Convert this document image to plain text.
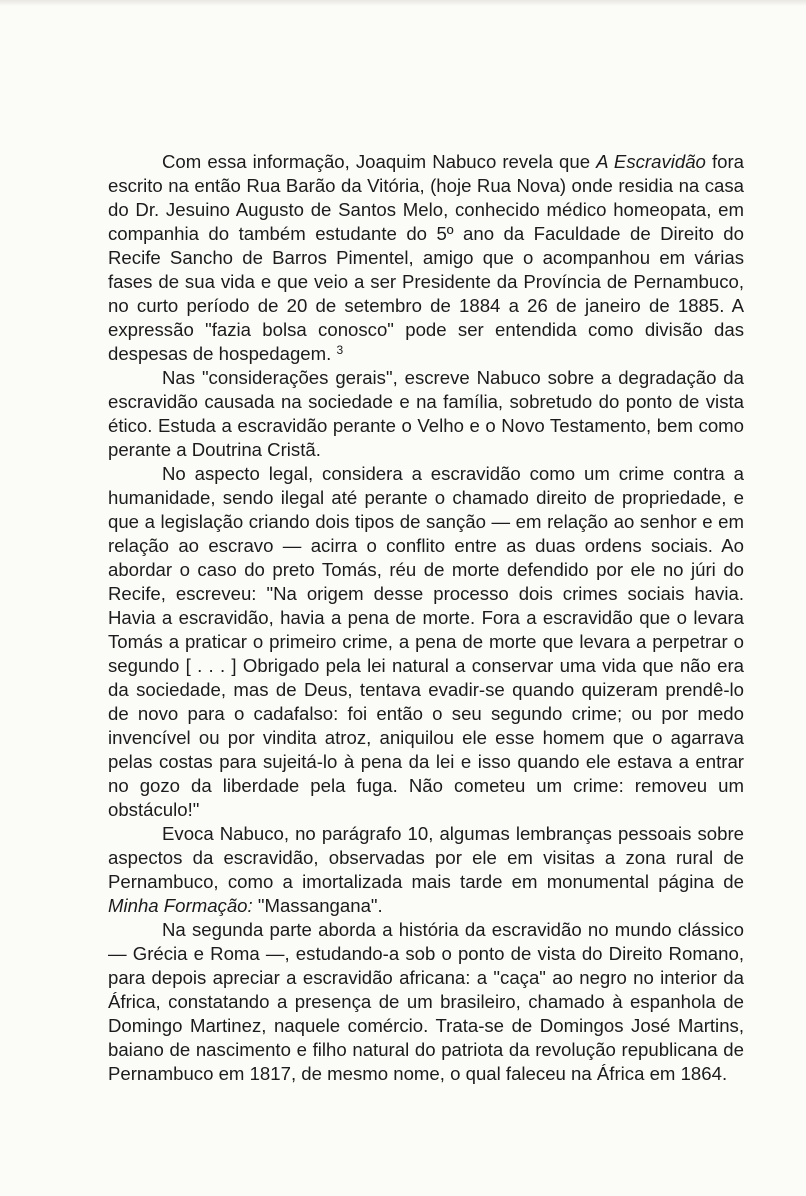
Com essa informação, Joaquim Nabuco revela que A Escravidão fora escrito na então Rua Barão da Vitória, (hoje Rua Nova) onde residia na casa do Dr. Jesuino Augusto de Santos Melo, conhecido médico homeopata, em companhia do também estudante do 5º ano da Faculdade de Direito do Recife Sancho de Barros Pimentel, amigo que o acompanhou em várias fases de sua vida e que veio a ser Presidente da Província de Pernambuco, no curto período de 20 de setembro de 1884 a 26 de janeiro de 1885. A expressão "fazia bolsa conosco" pode ser entendida como divisão das despesas de hospedagem. $^3$

Nas "considerações gerais", escreve Nabuco sobre a degradação da escravidão causada na sociedade e na família, sobretudo do ponto de vista ético. Estuda a escravidão perante o Velho e o Novo Testamento, bem como perante a Doutrina Cristã.

No aspecto legal, considera a escravidão como um crime contra a humanidade, sendo ilegal até perante o chamado direito de propriedade, e que a legislação criando dois tipos de sanção — em relação ao senhor e em relação ao escravo — acirra o conflito entre as duas ordens sociais. Ao abordar o caso do preto Tomás, réu de morte defendido por ele no júri do Recife, escreveu: "Na origem desse processo dois crimes sociais havia. Havia a escravidão, havia a pena de morte. Fora a escravidão que o levara Tomás a praticar o primeiro crime, a pena de morte que levara a perpetrar o segundo [ . . . ] Obrigado pela lei natural a conservar uma vida que não era da sociedade, mas de Deus, tentava evadir-se quando quizeram prendê-lo de novo para o cadafalso: foi então o seu segundo crime; ou por medo invencível ou por vindita atroz, aniquilou ele esse homem que o agarrava pelas costas para sujeitá-lo à pena da lei e isso quando ele estava a entrar no gozo da liberdade pela fuga. Não cometeu um crime: removeu um obstáculo!"

Evoca Nabuco, no parágrafo 10, algumas lembranças pessoais sobre aspectos da escravidão, observadas por ele em visitas a zona rural de Pernambuco, como a imortalizada mais tarde em monumental página de Minha Formação: "Massangana".

Na segunda parte aborda a história da escravidão no mundo clássico — Grécia e Roma —, estudando-a sob o ponto de vista do Direito Romano, para depois apreciar a escravidão africana: a "caça" ao negro no interior da África, constatando a presença de um brasileiro, chamado à espanhola de Domingo Martinez, naquele comércio. Trata-se de Domingos José Martins, baiano de nascimento e filho natural do patriota da revolução republicana de Pernambuco em 1817, de mesmo nome, o qual faleceu na África em 1864.
